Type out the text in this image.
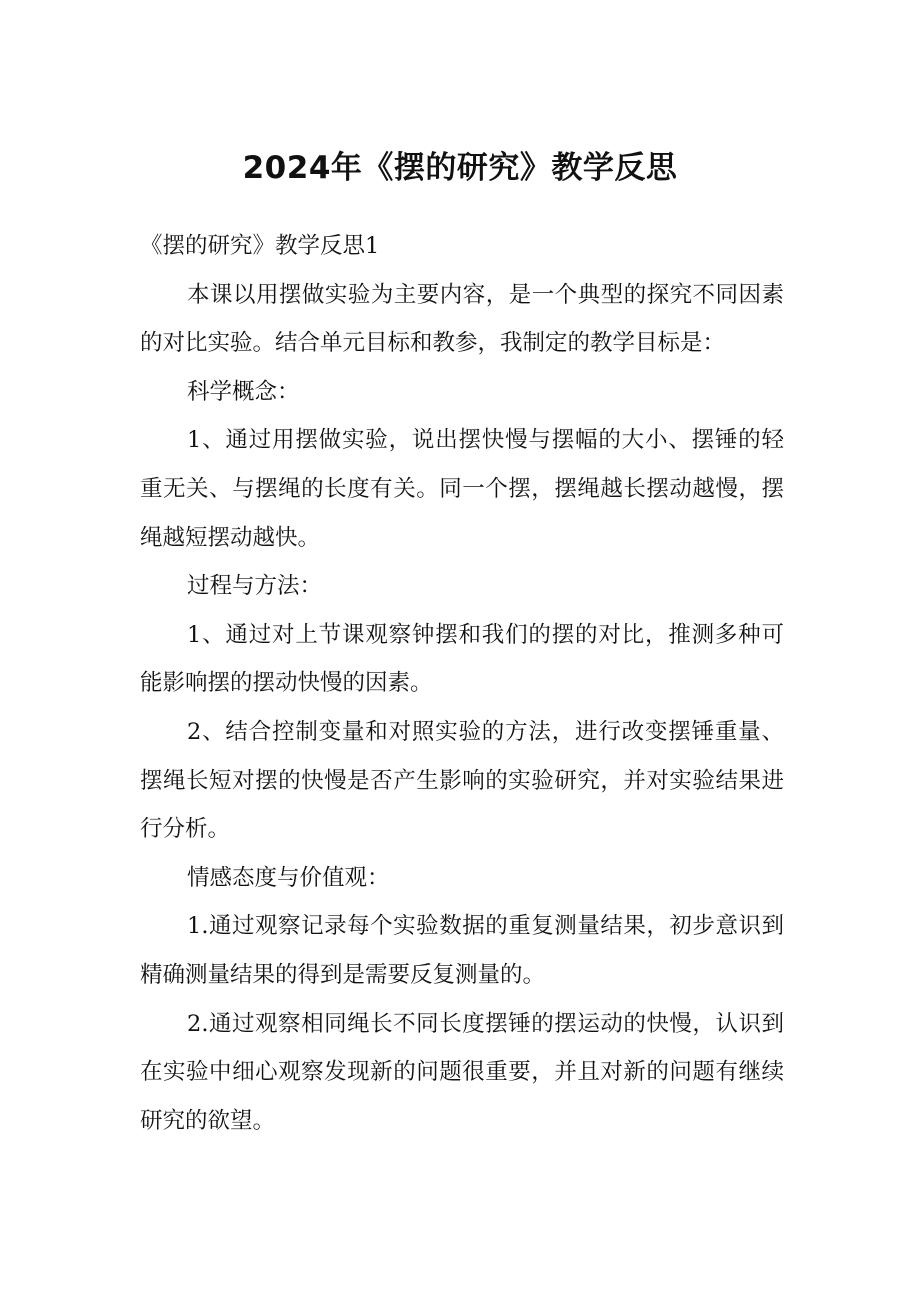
2024年《摆的研究》教学反思

《摆的研究》教学反思1

本课以用摆做实验为主要内容，是一个典型的探究不同因素的对比实验。结合单元目标和教参，我制定的教学目标是：

科学概念：

1、通过用摆做实验，说出摆快慢与摆幅的大小、摆锤的轻重无关、与摆绳的长度有关。同一个摆，摆绳越长摆动越慢，摆绳越短摆动越快。

过程与方法：

1、通过对上节课观察钟摆和我们的摆的对比，推测多种可能影响摆的摆动快慢的因素。

2、结合控制变量和对照实验的方法，进行改变摆锤重量、摆绳长短对摆的快慢是否产生影响的实验研究，并对实验结果进行分析。

情感态度与价值观：

1.通过观察记录每个实验数据的重复测量结果，初步意识到精确测量结果的得到是需要反复测量的。

2.通过观察相同绳长不同长度摆锤的摆运动的快慢，认识到在实验中细心观察发现新的问题很重要，并且对新的问题有继续研究的欲望。
